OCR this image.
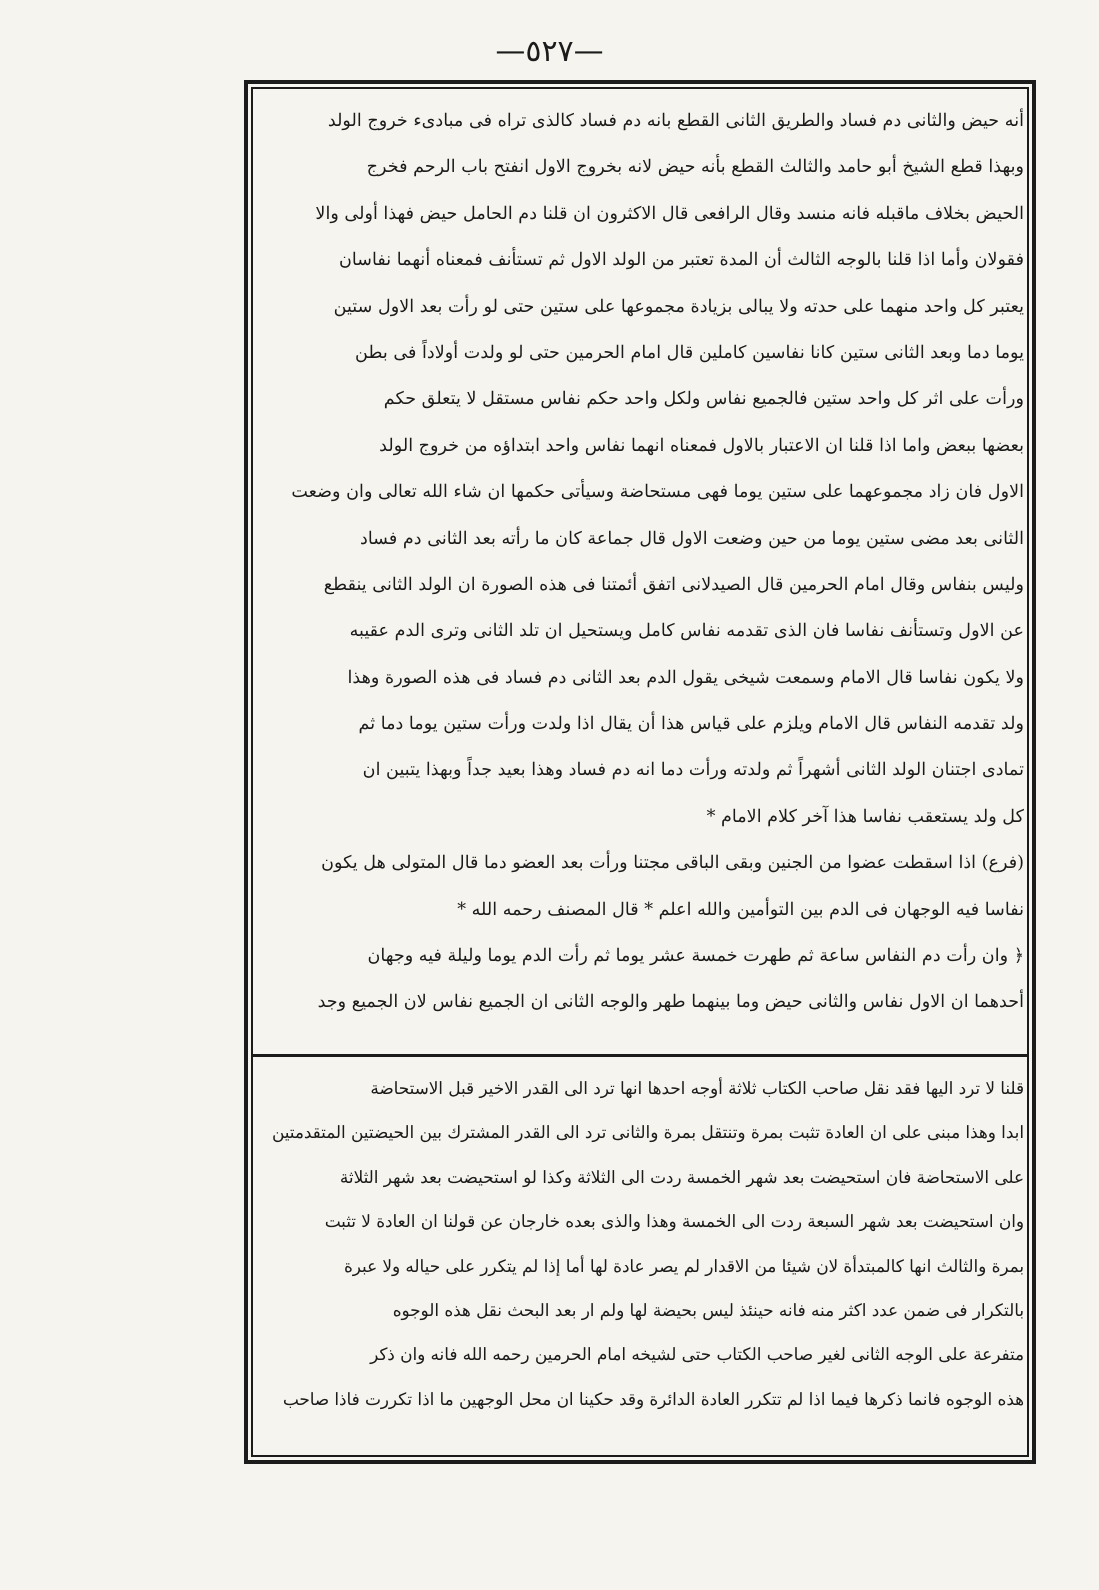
—٥٢٧—
أنه حيض والثانى دم فساد والطريق الثانى القطع بانه دم فساد كالذى تراه فى مبادىء خروج الولد
وبهذا قطع الشيخ أبو حامد والثالث القطع بأنه حيض لانه بخروج الاول انفتح باب الرحم فخرج
الحيض بخلاف ماقبله فانه منسد وقال الرافعى قال الاكثرون ان قلنا دم الحامل حيض فهذا أولى والا
فقولان وأما اذا قلنا بالوجه الثالث أن المدة تعتبر من الولد الاول ثم تستأنف فمعناه أنهما نفاسان
يعتبر كل واحد منهما على حدته ولا يبالى بزيادة مجموعها على ستين حتى لو رأت بعد الاول ستين
يوما دما وبعد الثانى ستين كانا نفاسين كاملين قال امام الحرمين حتى لو ولدت أولاداً فى بطن
ورأت على اثر كل واحد ستين فالجميع نفاس ولكل واحد حكم نفاس مستقل لا يتعلق حكم
بعضها ببعض واما اذا قلنا ان الاعتبار بالاول فمعناه انهما نفاس واحد ابتداؤه من خروج الولد
الاول فان زاد مجموعهما على ستين يوما فهى مستحاضة وسيأتى حكمها ان شاء الله تعالى وان وضعت
الثانى بعد مضى ستين يوما من حين وضعت الاول قال جماعة كان ما رأته بعد الثانى دم فساد
وليس بنفاس وقال امام الحرمين قال الصيدلانى اتفق أئمتنا فى هذه الصورة ان الولد الثانى ينقطع
عن الاول وتستأنف نفاسا فان الذى تقدمه نفاس كامل ويستحيل ان تلد الثانى وترى الدم عقيبه
ولا يكون نفاسا قال الامام وسمعت شيخى يقول الدم بعد الثانى دم فساد فى هذه الصورة وهذا
ولد تقدمه النفاس قال الامام ويلزم على قياس هذا أن يقال اذا ولدت ورأت ستين يوما دما ثم
تمادى اجتنان الولد الثانى أشهراً ثم ولدته ورأت دما انه دم فساد وهذا بعيد جداً وبهذا يتبين ان
كل ولد يستعقب نفاسا هذا آخر كلام الامام *
(فرع) اذا اسقطت عضوا من الجنين وبقى الباقى مجتنا ورأت بعد العضو دما قال المتولى هل يكون
نفاسا فيه الوجهان فى الدم بين التوأمين والله اعلم * قال المصنف رحمه الله *
﴿ وان رأت دم النفاس ساعة ثم طهرت خمسة عشر يوما ثم رأت الدم يوما وليلة فيه وجهان
أحدهما ان الاول نفاس والثانى حيض وما بينهما طهر والوجه الثانى ان الجميع نفاس لان الجميع وجد
قلنا لا ترد اليها فقد نقل صاحب الكتاب ثلاثة أوجه احدها انها ترد الى القدر الاخير قبل الاستحاضة
ابدا وهذا مبنى على ان العادة تثبت بمرة وتنتقل بمرة والثانى ترد الى القدر المشترك بين الحيضتين المتقدمتين
على الاستحاضة فان استحيضت بعد شهر الخمسة ردت الى الثلاثة وكذا لو استحيضت بعد شهر الثلاثة
وان استحيضت بعد شهر السبعة ردت الى الخمسة وهذا والذى بعده خارجان عن قولنا ان العادة لا تثبت
بمرة والثالث انها كالمبتدأة لان شيئا من الاقدار لم يصر عادة لها أما إذا لم يتكرر على حياله ولا عبرة
بالتكرار فى ضمن عدد اكثر منه فانه حينئذ ليس بحيضة لها ولم ار بعد البحث نقل هذه الوجوه
متفرعة على الوجه الثانى لغير صاحب الكتاب حتى لشيخه امام الحرمين رحمه الله فانه وان ذكر
هذه الوجوه فانما ذكرها فيما اذا لم تتكرر العادة الدائرة وقد حكينا ان محل الوجهين ما اذا تكررت فاذا صاحب
